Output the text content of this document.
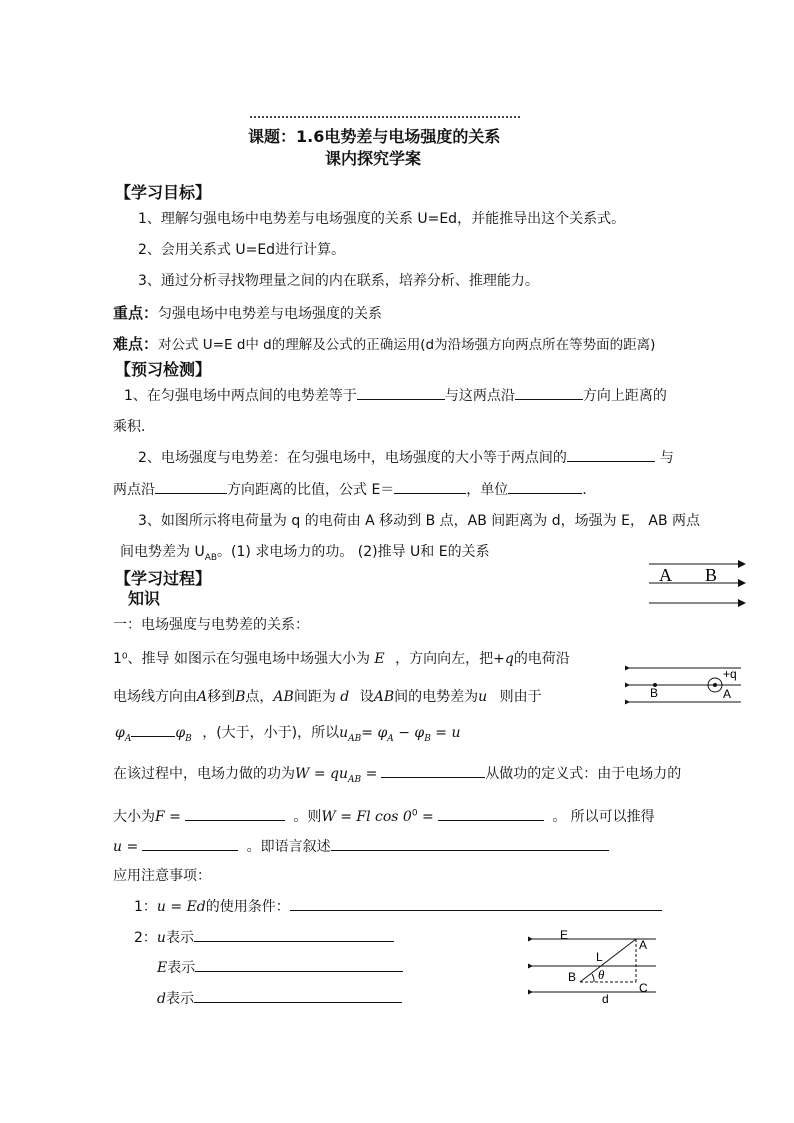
课题：1.6电势差与电场强度的关系
课内探究学案
【学习目标】
1、理解匀强电场中电势差与电场强度的关系 U=Ed，并能推导出这个关系式。
2、会用关系式 U=Ed进行计算。
3、通过分析寻找物理量之间的内在联系，培养分析、推理能力。
重点：匀强电场中电势差与电场强度的关系
难点：对公式 U=E d中 d的理解及公式的正确运用(d为沿场强方向两点所在等势面的距离)
【预习检测】
1、在匀强电场中两点间的电势差等于	与这两点沿	方向上距离的
乘积．
2、电场强度与电势差：在匀强电场中，电场强度的大小等于两点间的	与
两点沿	方向距离的比值，公式 E＝	，单位	.
3、如图所示将电荷量为 q 的电荷由 A 移动到 B 点，AB 间距离为 d，场强为 E， AB 两点
间电势差为 $U_{AB}$。(1) 求电场力的功。 (2)推导 U和 E的关系
【学习过程】
知识
一：电场强度与电势差的关系：
1⁰、推导 如图示在匀强电场中场强大小为 E ，方向向左，把+q的电荷沿
电场线方向由A移到B点，AB间距为 d 设AB间的电势差为u 则由于
$\varphi_A$	$\varphi_B$ ，(大于，小于)，所以$u_{AB}= \varphi_A - \varphi_B = u$
在该过程中，电场力做的功为$W = qu_{AB}$ =	从做功的定义式：由于电场力的
大小为F =	。则W = Fl $\cos 0^0$ =	。 所以可以推得
u =	。即语言叙述
应用注意事项：
1：u = Ed的使用条件：
2：u表示
E表示
d表示
A B
+q
B	A
E
A
L
B θ
C
d
